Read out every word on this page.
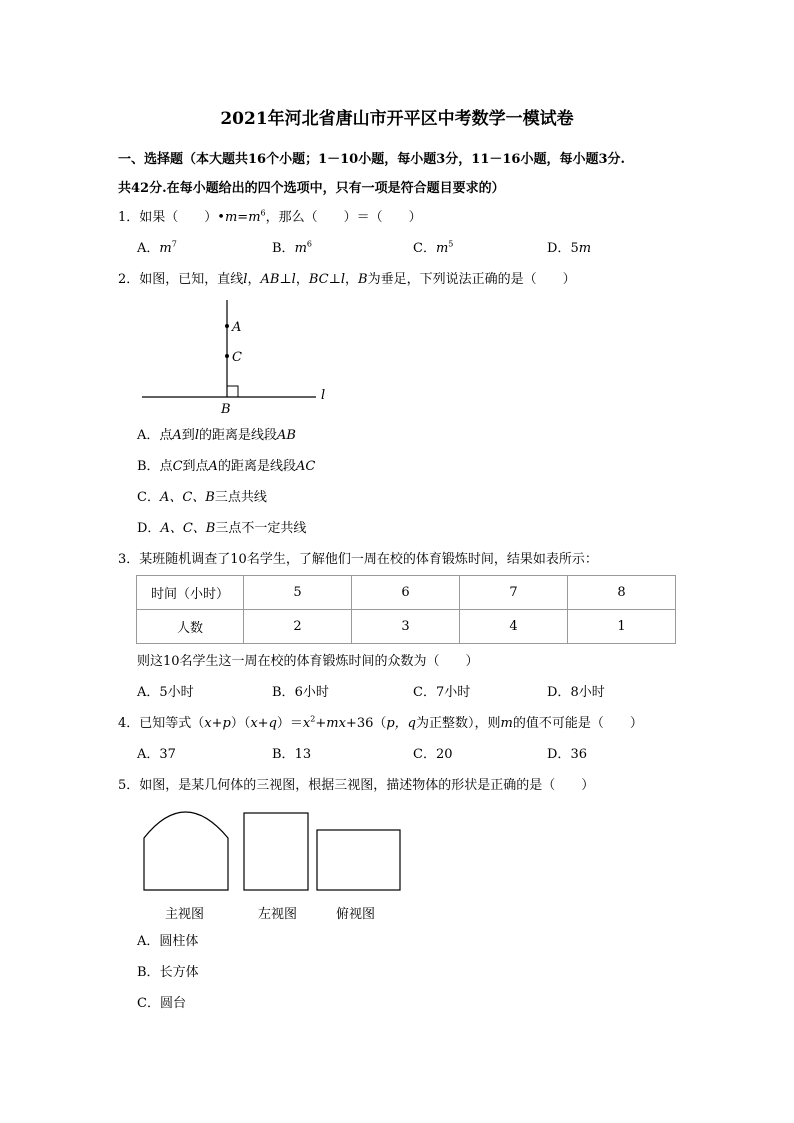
2021年河北省唐山市开平区中考数学一模试卷
一、选择题（本大题共16个小题；1－10小题，每小题3分，11－16小题，每小题3分.
共42分.在每小题给出的四个选项中，只有一项是符合题目要求的）
1．如果（　　）$•m=m^6$，那么（　　）＝（　　）
A．$m^7$	B．$m^6$	C．$m^5$	D．5m
2．如图，已知，直线l，AB⊥l，BC⊥l，B为垂足，下列说法正确的是（　　）
A
C
B
l
A．点A到l的距离是线段AB
B．点C到点A的距离是线段AC
C．A、C、B三点共线
D．A、C、B三点不一定共线
3．某班随机调查了10名学生，了解他们一周在校的体育锻炼时间，结果如表所示：
时间（小时）	5	6	7	8
人数	2	3	4	1
则这10名学生这一周在校的体育锻炼时间的众数为（　　）
A．5小时	B．6小时	C．7小时	D．8小时
4．已知等式$(x+p)(x+q)=x^2+mx+36(p$，q为正整数），则m的值不可能是（　　）
A．37	B．13	C．20	D．36
5．如图，是某几何体的三视图，根据三视图，描述物体的形状是正确的是（　　）
主视图	左视图	俯视图
A．圆柱体
B．长方体
C．圆台
